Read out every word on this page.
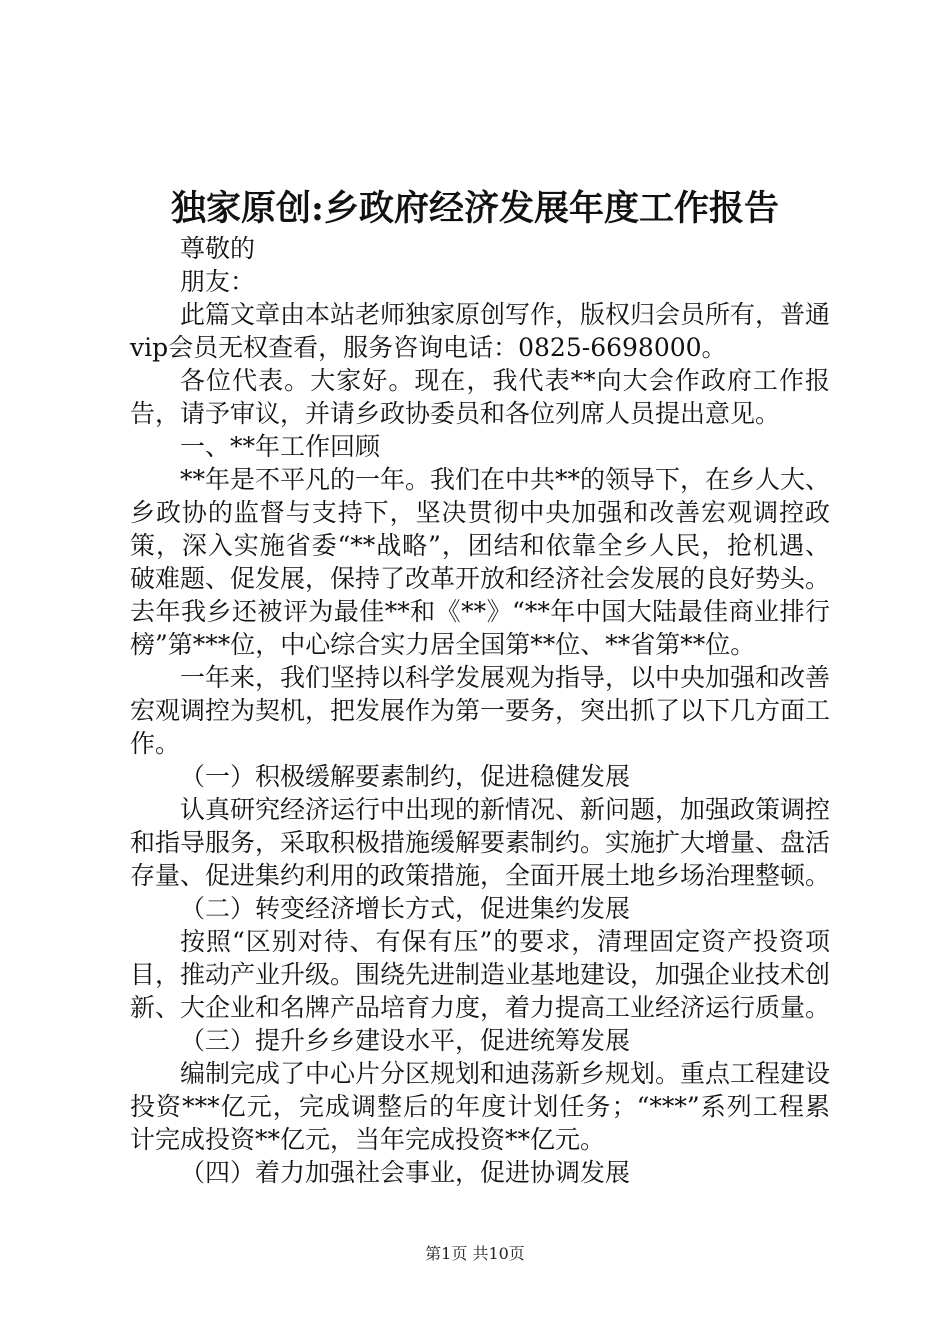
独家原创:乡政府经济发展年度工作报告

尊敬的

朋友：

此篇文章由本站老师独家原创写作，版权归会员所有，普通vip会员无权查看，服务咨询电话：0825-6698000。

各位代表。大家好。现在，我代表**向大会作政府工作报告，请予审议，并请乡政协委员和各位列席人员提出意见。

一、**年工作回顾

**年是不平凡的一年。我们在中共**的领导下，在乡人大、乡政协的监督与支持下，坚决贯彻中央加强和改善宏观调控政策，深入实施省委“**战略”，团结和依靠全乡人民，抢机遇、破难题、促发展，保持了改革开放和经济社会发展的良好势头。去年我乡还被评为最佳**和《**》“**年中国大陆最佳商业排行榜”第***位，中心综合实力居全国第**位、**省第**位。

一年来，我们坚持以科学发展观为指导，以中央加强和改善宏观调控为契机，把发展作为第一要务，突出抓了以下几方面工作。

（一）积极缓解要素制约，促进稳健发展

认真研究经济运行中出现的新情况、新问题，加强政策调控和指导服务，采取积极措施缓解要素制约。实施扩大增量、盘活存量、促进集约利用的政策措施，全面开展土地乡场治理整顿。

（二）转变经济增长方式，促进集约发展

按照“区别对待、有保有压”的要求，清理固定资产投资项目，推动产业升级。围绕先进制造业基地建设，加强企业技术创新、大企业和名牌产品培育力度，着力提高工业经济运行质量。

（三）提升乡乡建设水平，促进统筹发展

编制完成了中心片分区规划和迪荡新乡规划。重点工程建设投资***亿元，完成调整后的年度计划任务；“***”系列工程累计完成投资**亿元，当年完成投资**亿元。

（四）着力加强社会事业，促进协调发展

第1页 共10页
